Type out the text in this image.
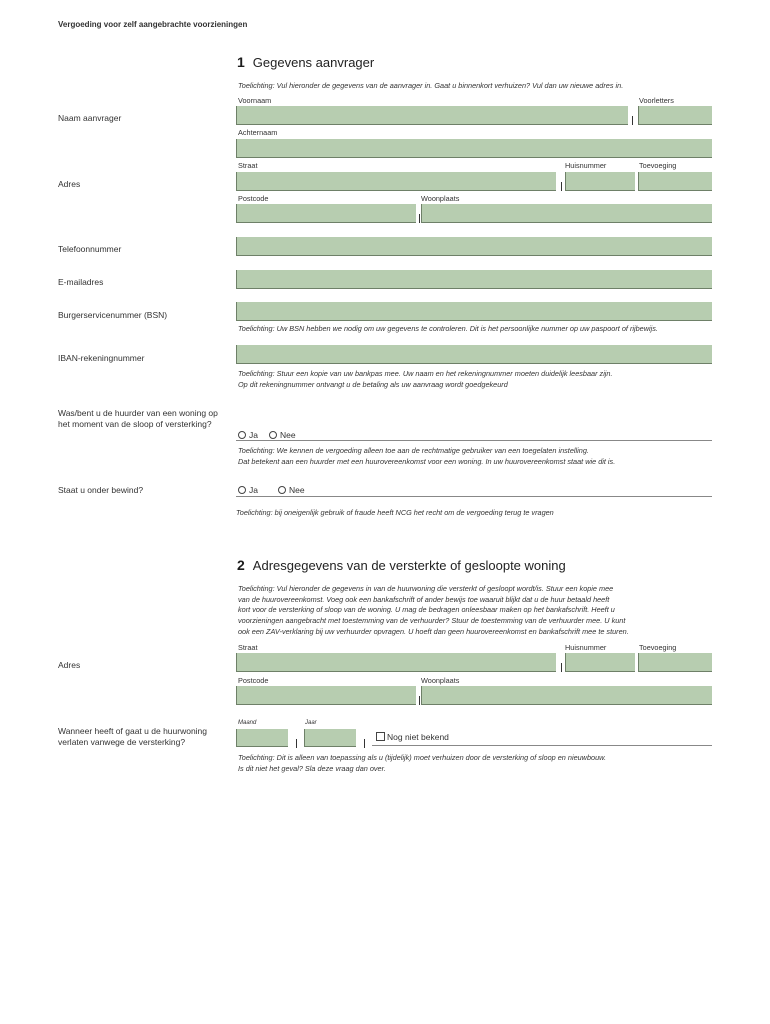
Vergoeding voor zelf aangebrachte voorzieningen
1 Gegevens aanvrager
Toelichting: Vul hieronder de gegevens van de aanvrager in. Gaat u binnenkort verhuizen? Vul dan uw nieuwe adres in.
Naam aanvrager
Voornaam	Voorletters
Achternaam
Adres
Straat	Huisnummer	Toevoeging
Postcode	Woonplaats
Telefoonnummer
E-mailadres
Burgerservicenummer (BSN)
Toelichting: Uw BSN hebben we nodig om uw gegevens te controleren. Dit is het persoonlijke nummer op uw paspoort of rijbewijs.
IBAN-rekeningnummer
Toelichting: Stuur een kopie van uw bankpas mee. Uw naam en het rekeningnummer moeten duidelijk leesbaar zijn.
Op dit rekeningnummer ontvangt u de betaling als uw aanvraag wordt goedgekeurd
Was/bent u de huurder van een woning op het moment van de sloop of versterking?
Ja	Nee
Toelichting: We kennen de vergoeding alleen toe aan de rechtmatige gebruiker van een toegelaten instelling.
Dat betekent aan een huurder met een huurovereenkomst voor een woning. In uw huurovereenkomst staat wie dit is.
Staat u onder bewind?	Ja	Nee
Toelichting: bij oneigenlijk gebruik of fraude heeft NCG het recht om de vergoeding terug te vragen
2 Adresgegevens van de versterkte of gesloopte woning
Toelichting: Vul hieronder de gegevens in van de huurwoning die versterkt of gesloopt wordt/is. Stuur een kopie mee
van de huurovereenkomst. Voeg ook een bankafschrift of ander bewijs toe waaruit blijkt dat u de huur betaald heeft
kort voor de versterking of sloop van de woning. U mag de bedragen onleesbaar maken op het bankafschrift. Heeft u
voorzieningen aangebracht met toestemming van de verhuurder? Stuur de toestemming van de verhuurder mee. U kunt
ook een ZAV-verklaring bij uw verhuurder opvragen. U hoeft dan geen huurovereenkomst en bankafschrift mee te sturen.
Adres
Straat	Huisnummer	Toevoeging
Postcode	Woonplaats
Wanneer heeft of gaat u de huurwoning verlaten vanwege de versterking?
Maand	Jaar
Nog niet bekend
Toelichting: Dit is alleen van toepassing als u (tijdelijk) moet verhuizen door de versterking of sloop en nieuwbouw.
Is dit niet het geval? Sla deze vraag dan over.
